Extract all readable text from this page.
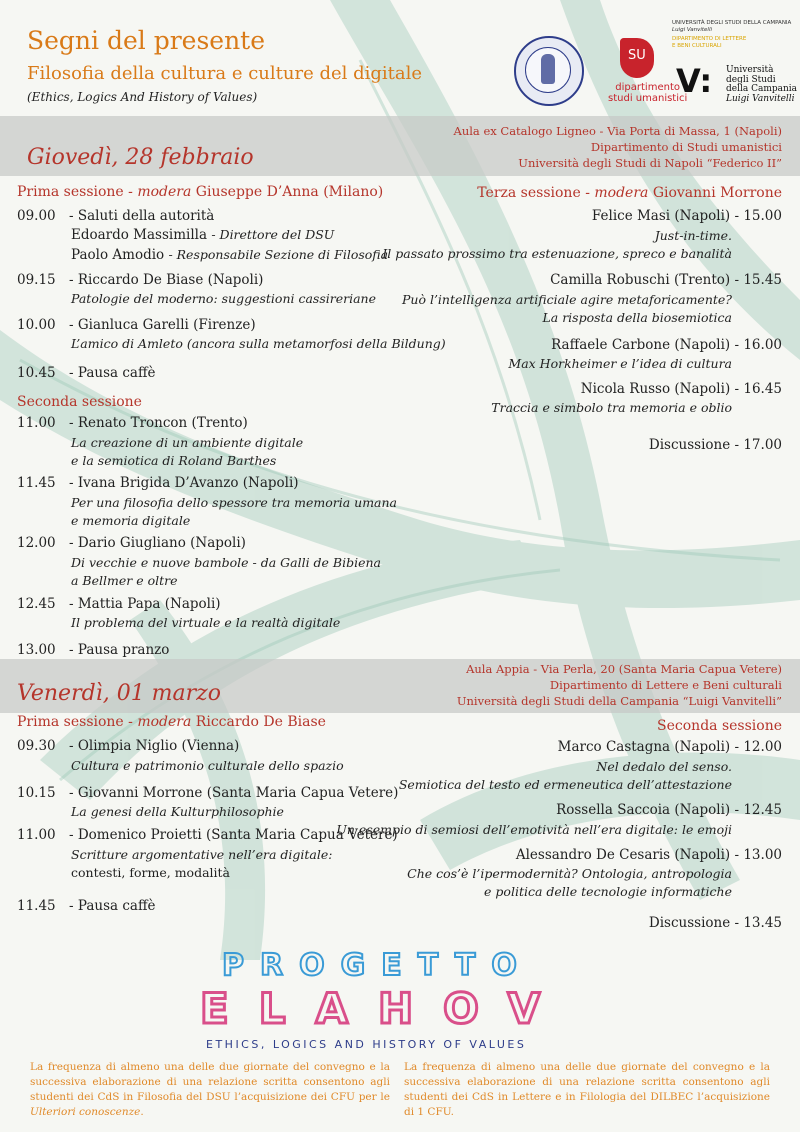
Segni del presente
Filosofia della cultura e culture del digitale
(Ethics, Logics And History of Values)
SU
dipartimento
studi umanistici
UNIVERSITÀ DEGLI STUDI DELLA CAMPANIA
Luigi Vanvitelli
DIPARTIMENTO DI LETTERE
E BENI CULTURALI
V: Università
degli Studi
della Campania
Luigi Vanvitelli
Giovedì, 28 febbraio
Aula ex Catalogo Ligneo - Via Porta di Massa, 1 (Napoli)
Dipartimento di Studi umanistici
Università degli Studi di Napoli “Federico II”
Prima sessione - modera Giuseppe D’Anna (Milano)
09.00 - Saluti della autorità
Edoardo Massimilla - Direttore del DSU
Paolo Amodio - Responsabile Sezione di Filosofia
09.15 - Riccardo De Biase (Napoli)
Patologie del moderno: suggestioni cassireriane
10.00 - Gianluca Garelli (Firenze)
L’amico di Amleto (ancora sulla metamorfosi della Bildung)
10.45 - Pausa caffè
Seconda sessione
11.00 - Renato Troncon (Trento)
La creazione di un ambiente digitale
e la semiotica di Roland Barthes
11.45 - Ivana Brigida D’Avanzo (Napoli)
Per una filosofia dello spessore tra memoria umana
e memoria digitale
12.00 - Dario Giugliano (Napoli)
Di vecchie e nuove bambole - da Galli de Bibiena
a Bellmer e oltre
12.45 - Mattia Papa (Napoli)
Il problema del virtuale e la realtà digitale
13.00 - Pausa pranzo
Terza sessione - modera Giovanni Morrone
Felice Masi (Napoli) - 15.00
Just-in-time.
Il passato prossimo tra estenuazione, spreco e banalità
Camilla Robuschi (Trento) - 15.45
Può l’intelligenza artificiale agire metaforicamente?
La risposta della biosemiotica
Raffaele Carbone (Napoli) - 16.00
Max Horkheimer e l’idea di cultura
Nicola Russo (Napoli) - 16.45
Traccia e simbolo tra memoria e oblio
Discussione - 17.00
Venerdì, 01 marzo
Aula Appia - Via Perla, 20 (Santa Maria Capua Vetere)
Dipartimento di Lettere e Beni culturali
Università degli Studi della Campania “Luigi Vanvitelli”
Prima sessione - modera Riccardo De Biase
09.30 - Olimpia Niglio (Vienna)
Cultura e patrimonio culturale dello spazio
10.15 - Giovanni Morrone (Santa Maria Capua Vetere)
La genesi della Kulturphilosophie
11.00 - Domenico Proietti (Santa Maria Capua Vetere)
Scritture argomentative nell’era digitale:
contesti, forme, modalità
11.45 - Pausa caffè
Seconda sessione
Marco Castagna (Napoli) - 12.00
Nel dedalo del senso.
Semiotica del testo ed ermeneutica dell’attestazione
Rossella Saccoia (Napoli) - 12.45
Un esempio di semiosi dell’emotività nell’era digitale: le emoji
Alessandro De Cesaris (Napoli) - 13.00
Che cos’è l’ipermodernità? Ontologia, antropologia
e politica delle tecnologie informatiche
Discussione - 13.45
PROGETTO
ELAHOV
ETHICS, LOGICS AND HISTORY OF VALUES
La frequenza di almeno una delle due giornate del convegno e la successiva elaborazione di una relazione scritta consentono agli studenti dei CdS in Filosofia del DSU l’acquisizione dei CFU per le Ulteriori conoscenze.
La frequenza di almeno una delle due giornate del convegno e la successiva elaborazione di una relazione scritta consentono agli studenti dei CdS in Lettere e in Filologia del DILBEC l’acquisizione di 1 CFU.
